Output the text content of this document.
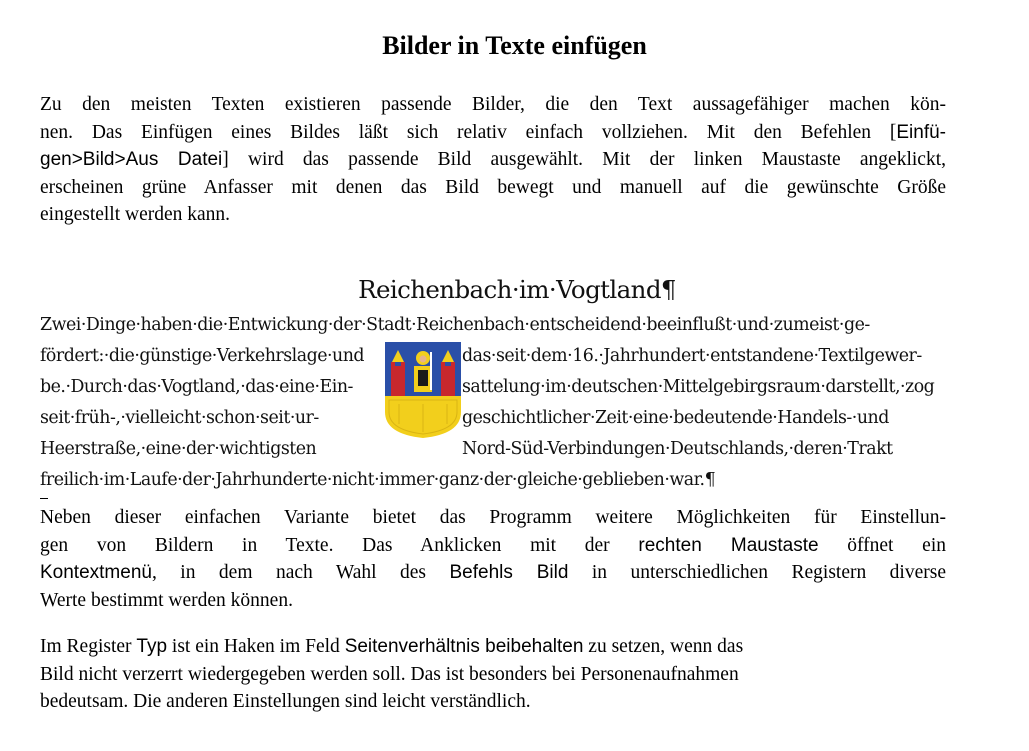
Bilder in Texte einfügen
Zu den meisten Texten existieren passende Bilder, die den Text aussagefähiger machen kön-
nen. Das Einfügen eines Bildes läßt sich relativ einfach vollziehen. Mit den Befehlen [Einfü-
gen>Bild>Aus Datei] wird das passende Bild ausgewählt. Mit der linken Maustaste angeklickt,
erscheinen grüne Anfasser mit denen das Bild bewegt und manuell auf die gewünschte Größe
eingestellt werden kann.
Reichenbach·im·Vogtland¶
Zwei·Dinge·haben·die·Entwickung·der·Stadt·Reichenbach·entscheidend·beeinflußt·und·zumeist·ge-
fördert:·die·günstige·Verkehrslage·und	das·seit·dem·16.·Jahrhundert·entstandene·Textilgewer-
be.·Durch·das·Vogtland,·das·eine·Ein-	sattelung·im·deutschen·Mittelgebirgsraum·darstellt,·zog
seit·früh-,·vielleicht·schon·seit·ur-	geschichtlicher·Zeit·eine·bedeutende·Handels-·und
Heerstraße,·eine·der·wichtigsten	Nord-Süd-Verbindungen·Deutschlands,·deren·Trakt
freilich·im·Laufe·der·Jahrhunderte·nicht·immer·ganz·der·gleiche·geblieben·war.¶
Neben dieser einfachen Variante bietet das Programm weitere Möglichkeiten für Einstellun-
gen von Bildern in Texte. Das Anklicken mit der rechten Maustaste öffnet ein
Kontextmenü, in dem nach Wahl des Befehls Bild in unterschiedlichen Registern diverse
Werte bestimmt werden können.
Im Register Typ ist ein Haken im Feld Seitenverhältnis beibehalten zu setzen, wenn das
Bild nicht verzerrt wiedergegeben werden soll. Das ist besonders bei Personenaufnahmen
bedeutsam. Die anderen Einstellungen sind leicht verständlich.
